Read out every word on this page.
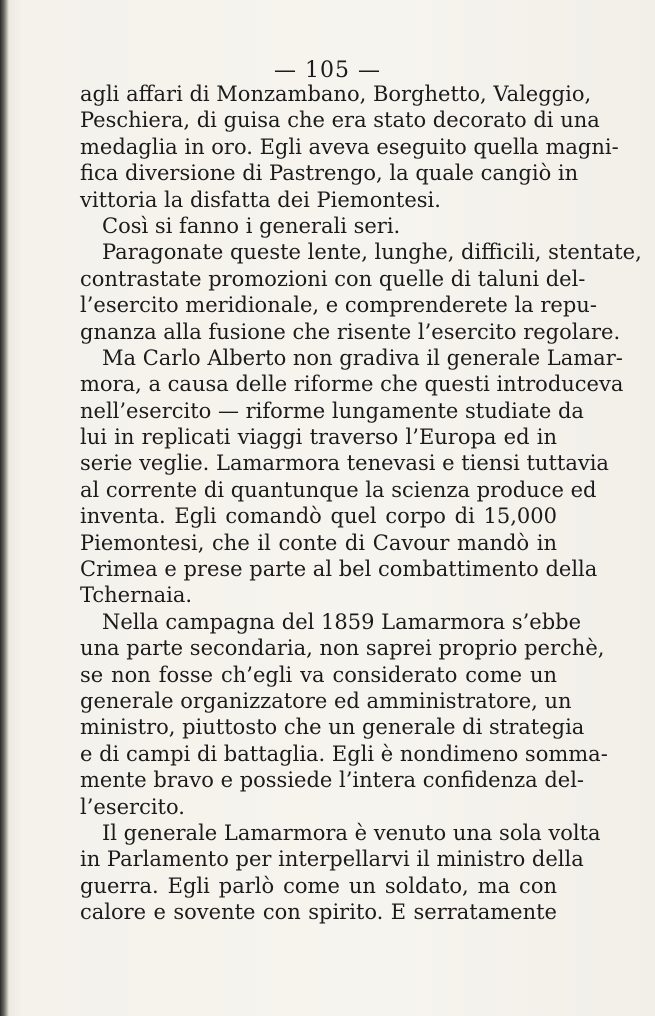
— 105 —
agli affari di Monzambano, Borghetto, Valeggio,
Peschiera, di guisa che era stato decorato di una
medaglia in oro. Egli aveva eseguito quella magni-
fica diversione di Pastrengo, la quale cangiò in
vittoria la disfatta dei Piemontesi.
Così si fanno i generali seri.
Paragonate queste lente, lunghe, difficili, stentate,
contrastate promozioni con quelle di taluni del-
l’esercito meridionale, e comprenderete la repu-
gnanza alla fusione che risente l’esercito regolare.
Ma Carlo Alberto non gradiva il generale Lamar-
mora, a causa delle riforme che questi introduceva
nell’esercito — riforme lungamente studiate da
lui in replicati viaggi traverso l’Europa ed in
serie veglie. Lamarmora tenevasi e tiensi tuttavia
al corrente di quantunque la scienza produce ed
inventa. Egli comandò quel corpo di 15,000
Piemontesi, che il conte di Cavour mandò in
Crimea e prese parte al bel combattimento della
Tchernaia.
Nella campagna del 1859 Lamarmora s’ebbe
una parte secondaria, non saprei proprio perchè,
se non fosse ch’egli va considerato come un
generale organizzatore ed amministratore, un
ministro, piuttosto che un generale di strategia
e di campi di battaglia. Egli è nondimeno somma-
mente bravo e possiede l’intera confidenza del-
l’esercito.
Il generale Lamarmora è venuto una sola volta
in Parlamento per interpellarvi il ministro della
guerra. Egli parlò come un soldato, ma con
calore e sovente con spirito. E serratamente
